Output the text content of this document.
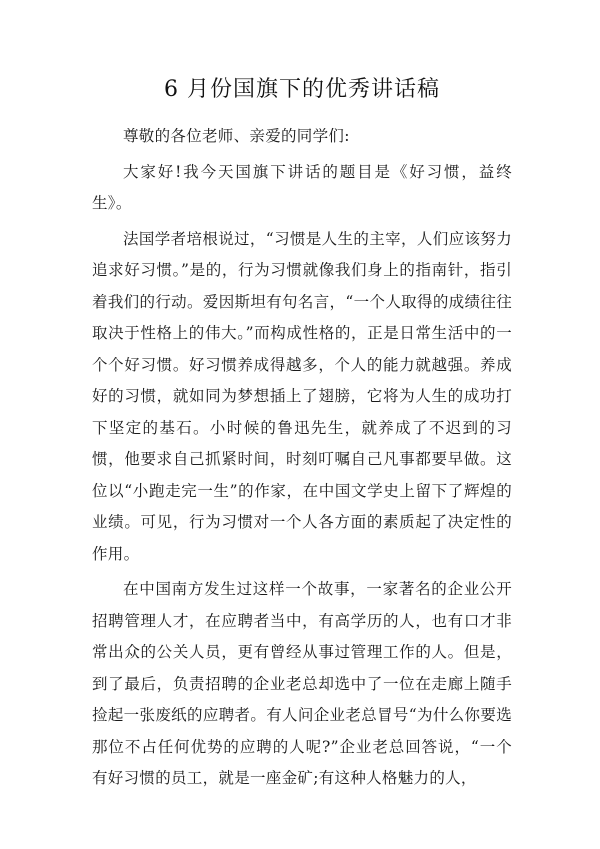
6 月份国旗下的优秀讲话稿

尊敬的各位老师、亲爱的同学们:

大家好!我今天国旗下讲话的题目是《好习惯，益终生》。

法国学者培根说过，“习惯是人生的主宰，人们应该努力追求好习惯。”是的，行为习惯就像我们身上的指南针，指引着我们的行动。爱因斯坦有句名言，“一个人取得的成绩往往取决于性格上的伟大。”而构成性格的，正是日常生活中的一个个好习惯。好习惯养成得越多，个人的能力就越强。养成好的习惯，就如同为梦想插上了翅膀，它将为人生的成功打下坚定的基石。小时候的鲁迅先生，就养成了不迟到的习惯，他要求自己抓紧时间，时刻叮嘱自己凡事都要早做。这位以“小跑走完一生”的作家，在中国文学史上留下了辉煌的业绩。可见，行为习惯对一个人各方面的素质起了决定性的作用。

在中国南方发生过这样一个故事，一家著名的企业公开招聘管理人才，在应聘者当中，有高学历的人，也有口才非常出众的公关人员，更有曾经从事过管理工作的人。但是，到了最后，负责招聘的企业老总却选中了一位在走廊上随手捡起一张废纸的应聘者。有人问企业老总冒号“为什么你要选那位不占任何优势的应聘的人呢?”企业老总回答说，“一个有好习惯的员工，就是一座金矿;有这种人格魅力的人，
